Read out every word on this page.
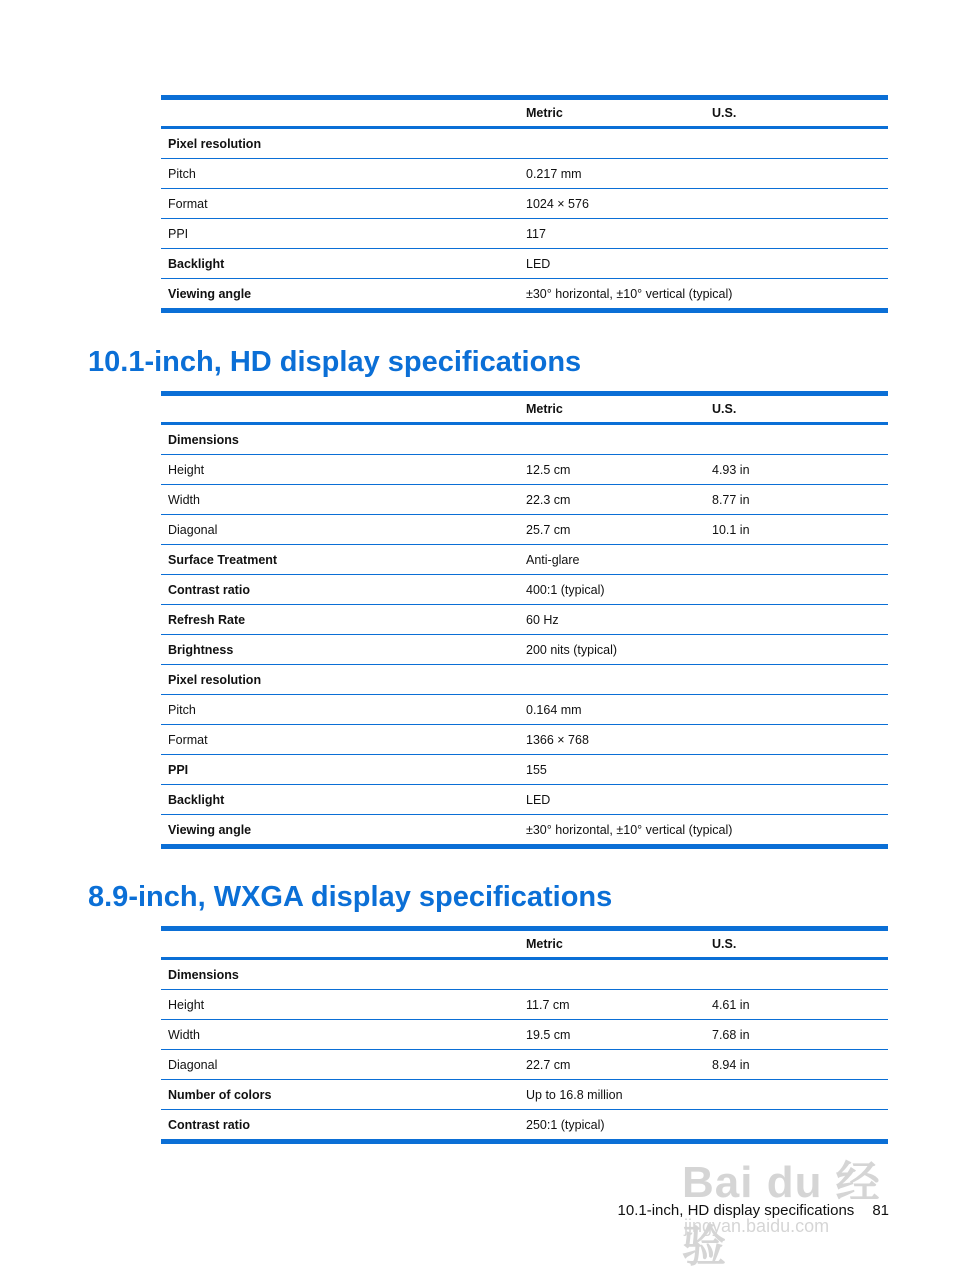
	Metric	U.S.
Pixel resolution		
Pitch	0.217 mm	
Format	1024 × 576	
PPI	117	
Backlight	LED	
Viewing angle	±30° horizontal, ±10° vertical (typical)	
10.1-inch, HD display specifications
	Metric	U.S.
Dimensions		
Height	12.5 cm	4.93 in
Width	22.3 cm	8.77 in
Diagonal	25.7 cm	10.1 in
Surface Treatment	Anti-glare	
Contrast ratio	400:1 (typical)	
Refresh Rate	60 Hz	
Brightness	200 nits (typical)	
Pixel resolution		
Pitch	0.164 mm	
Format	1366 × 768	
PPI	155	
Backlight	LED	
Viewing angle	±30° horizontal, ±10° vertical (typical)	
8.9-inch, WXGA display specifications
	Metric	U.S.
Dimensions		
Height	11.7 cm	4.61 in
Width	19.5 cm	7.68 in
Diagonal	22.7 cm	8.94 in
Number of colors	Up to 16.8 million	
Contrast ratio	250:1 (typical)	
Bai du 经验
jingyan.baidu.com
10.1-inch, HD display specifications 81
